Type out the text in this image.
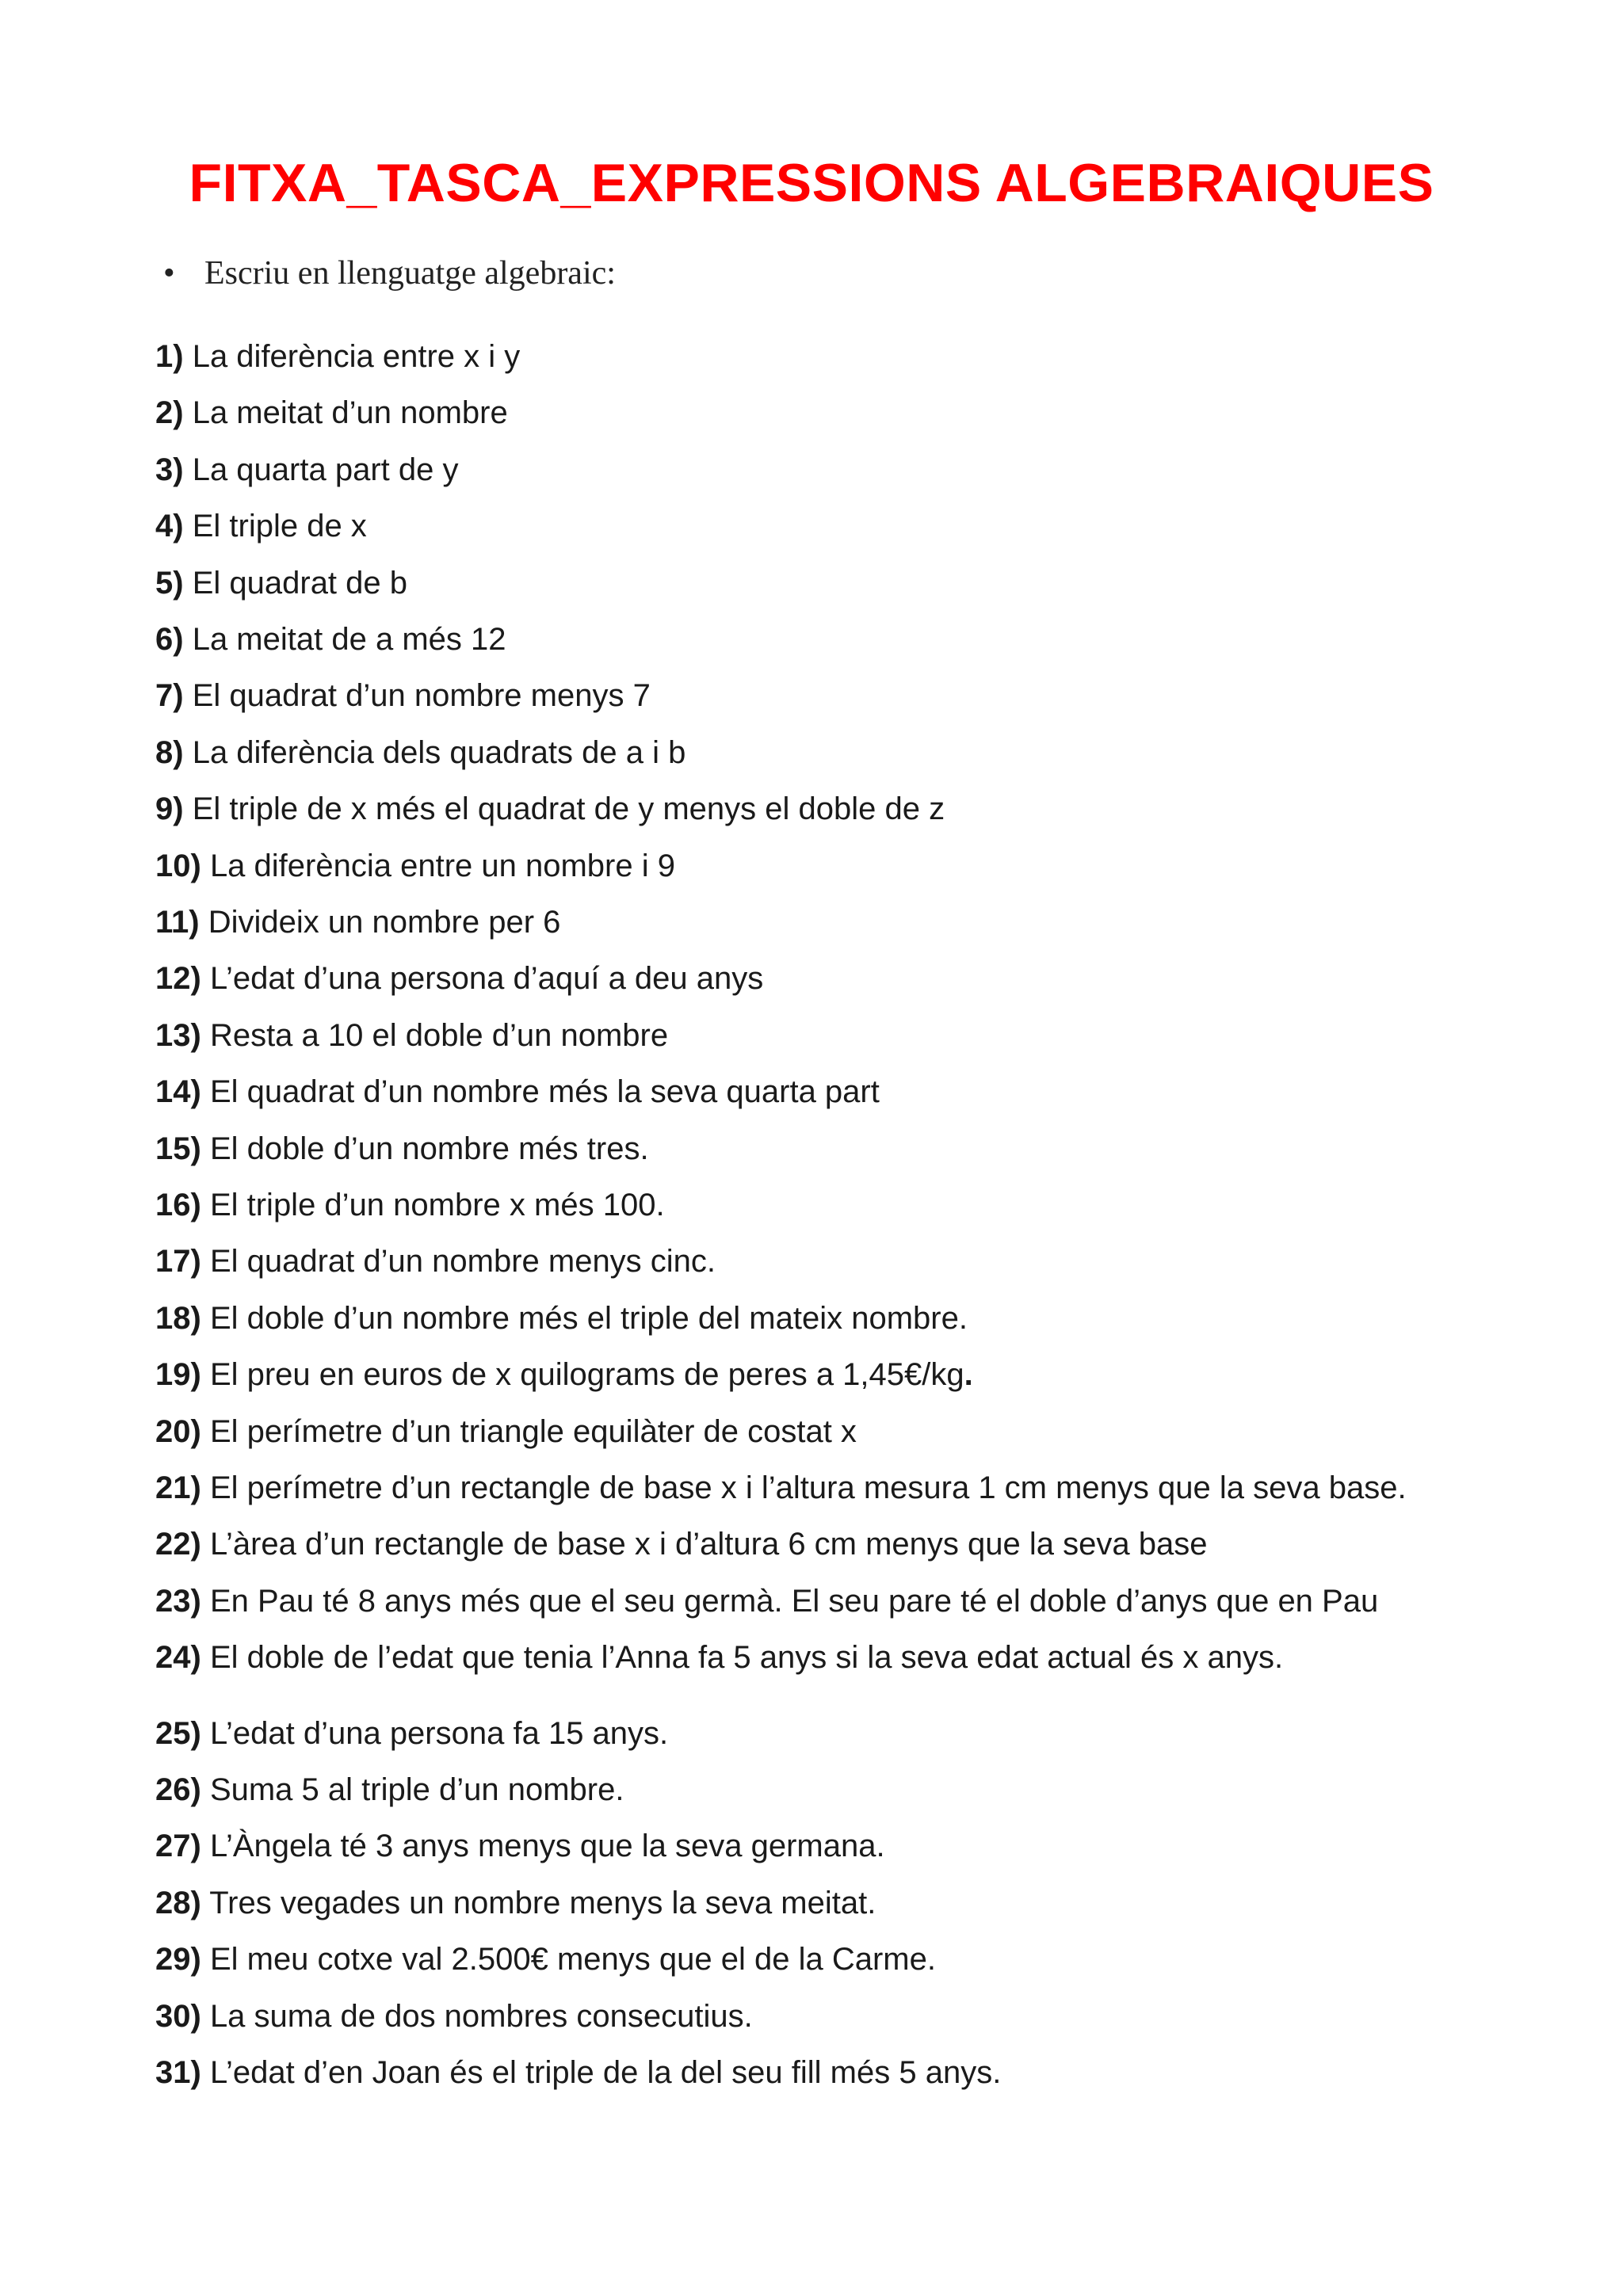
FITXA_TASCA_EXPRESSIONS ALGEBRAIQUES
• Escriu en llenguatge algebraic:
1) La diferència entre x i y
2) La meitat d’un nombre
3) La quarta part de y
4) El triple de x
5) El quadrat de b
6) La meitat de a més 12
7) El quadrat d’un nombre menys 7
8) La diferència dels quadrats de a i b
9) El triple de x més el quadrat de y menys el doble de z
10) La diferència entre un nombre i 9
11) Divideix un nombre per 6
12) L’edat d’una persona d’aquí a deu anys
13) Resta a 10 el doble d’un nombre
14) El quadrat d’un nombre més la seva quarta part
15) El doble d’un nombre més tres.
16) El triple d’un nombre x més 100.
17) El quadrat d’un nombre menys cinc.
18) El doble d’un nombre més el triple del mateix nombre.
19) El preu en euros de x quilograms de peres a 1,45€/kg.
20) El perímetre d’un triangle equilàter de costat x
21) El perímetre d’un rectangle de base x i l’altura mesura 1 cm menys que la seva base.
22) L’àrea d’un rectangle de base x i d’altura 6 cm menys que la seva base
23) En Pau té 8 anys més que el seu germà. El seu pare té el doble d’anys que en Pau
24) El doble de l’edat que tenia l’Anna fa 5 anys si la seva edat actual és x anys.
25) L’edat d’una persona fa 15 anys.
26) Suma 5 al triple d’un nombre.
27) L’Àngela té 3 anys menys que la seva germana.
28) Tres vegades un nombre menys la seva meitat.
29) El meu cotxe val 2.500€ menys que el de la Carme.
30) La suma de dos nombres consecutius.
31) L’edat d’en Joan és el triple de la del seu fill més 5 anys.
